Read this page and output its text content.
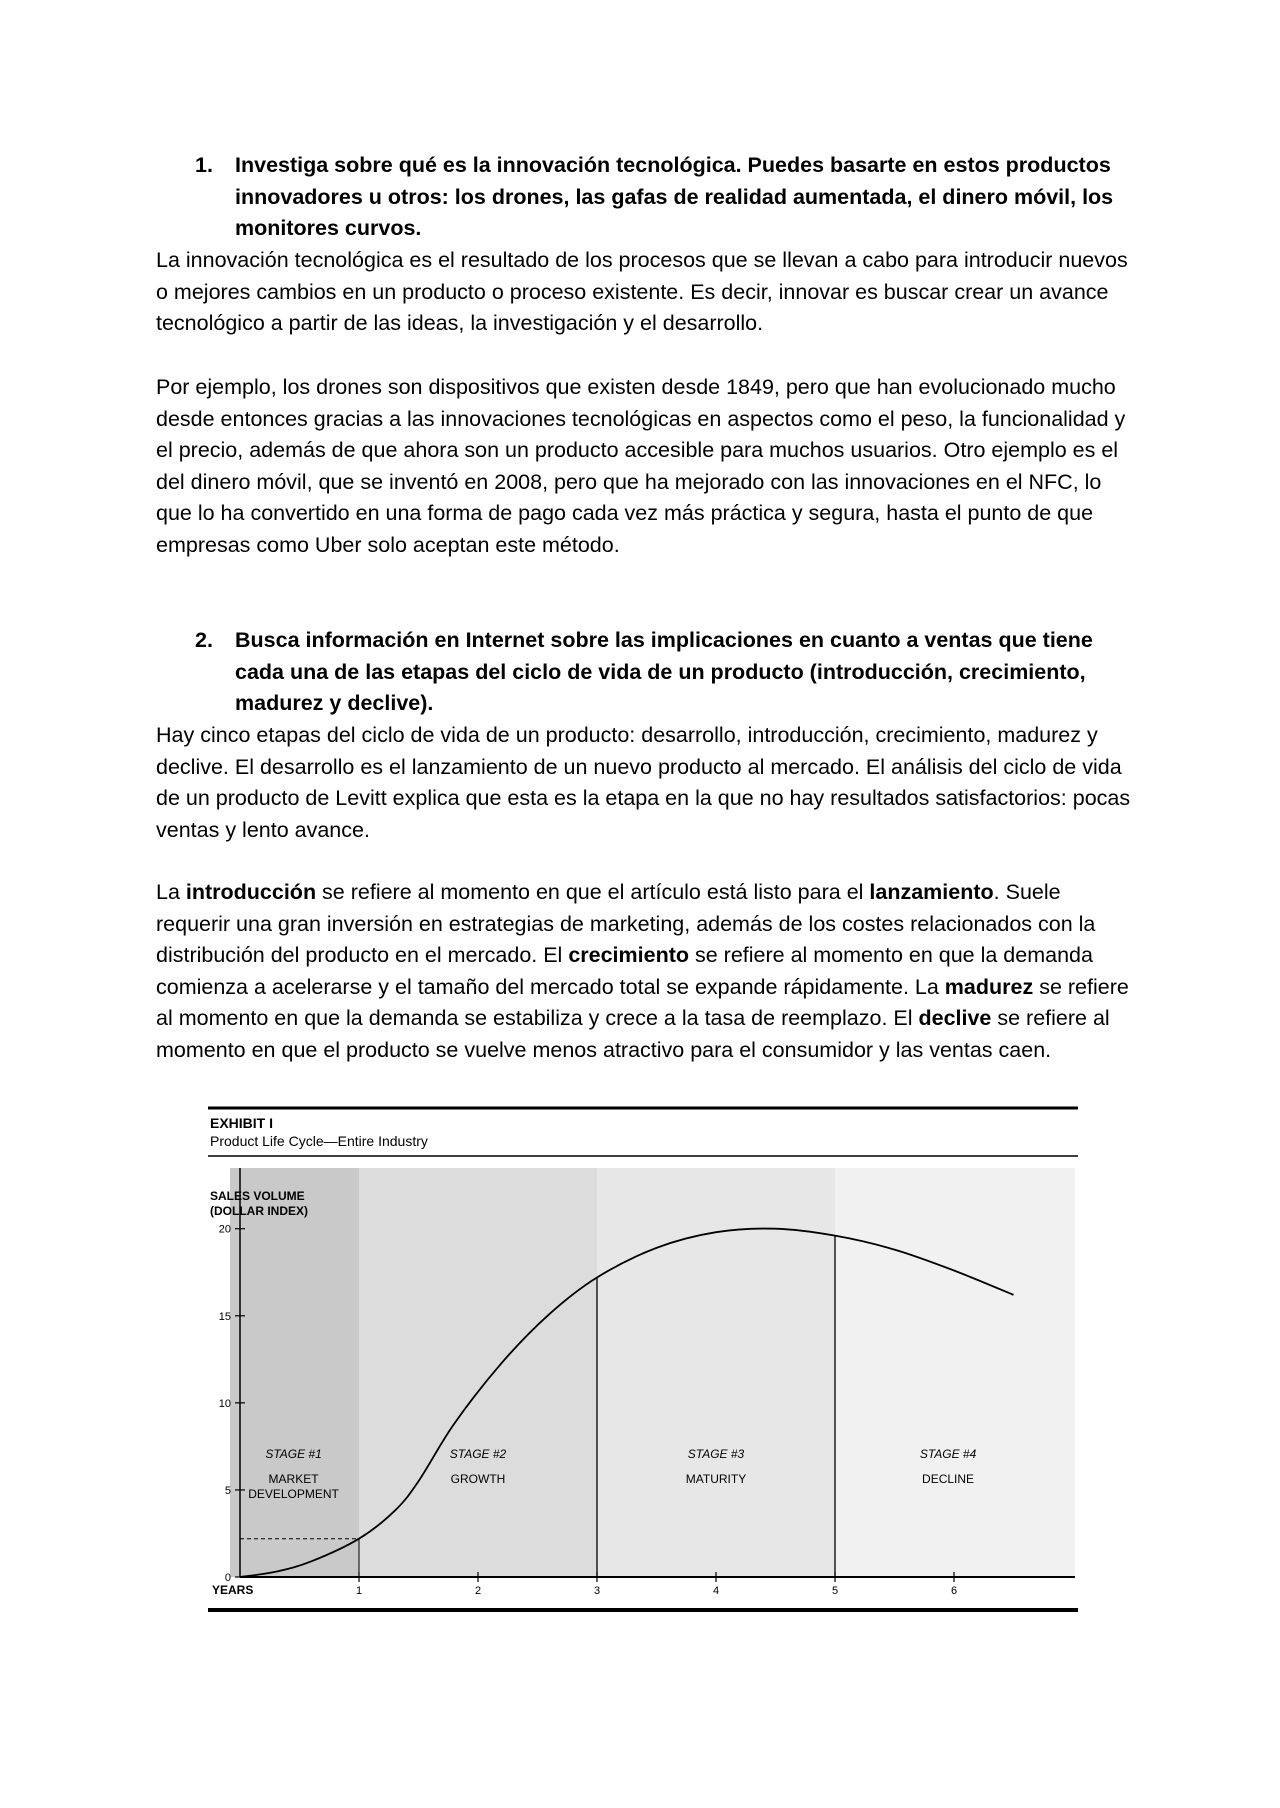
1. Investiga sobre qué es la innovación tecnológica. Puedes basarte en estos productos innovadores u otros: los drones, las gafas de realidad aumentada, el dinero móvil, los monitores curvos.

La innovación tecnológica es el resultado de los procesos que se llevan a cabo para introducir nuevos o mejores cambios en un producto o proceso existente. Es decir, innovar es buscar crear un avance tecnológico a partir de las ideas, la investigación y el desarrollo.

Por ejemplo, los drones son dispositivos que existen desde 1849, pero que han evolucionado mucho desde entonces gracias a las innovaciones tecnológicas en aspectos como el peso, la funcionalidad y el precio, además de que ahora son un producto accesible para muchos usuarios. Otro ejemplo es el del dinero móvil, que se inventó en 2008, pero que ha mejorado con las innovaciones en el NFC, lo que lo ha convertido en una forma de pago cada vez más práctica y segura, hasta el punto de que empresas como Uber solo aceptan este método.

2. Busca información en Internet sobre las implicaciones en cuanto a ventas que tiene cada una de las etapas del ciclo de vida de un producto (introducción, crecimiento, madurez y declive).

Hay cinco etapas del ciclo de vida de un producto: desarrollo, introducción, crecimiento, madurez y declive. El desarrollo es el lanzamiento de un nuevo producto al mercado. El análisis del ciclo de vida de un producto de Levitt explica que esta es la etapa en la que no hay resultados satisfactorios: pocas ventas y lento avance.

La introducción se refiere al momento en que el artículo está listo para el lanzamiento. Suele requerir una gran inversión en estrategias de marketing, además de los costes relacionados con la distribución del producto en el mercado. El crecimiento se refiere al momento en que la demanda comienza a acelerarse y el tamaño del mercado total se expande rápidamente. La madurez se refiere al momento en que la demanda se estabiliza y crece a la tasa de reemplazo. El declive se refiere al momento en que el producto se vuelve menos atractivo para el consumidor y las ventas caen.

EXHIBIT I
Product Life Cycle—Entire Industry
SALES VOLUME
(DOLLAR INDEX)
STAGE #1
MARKET
DEVELOPMENT
STAGE #2
GROWTH
STAGE #3
MATURITY
STAGE #4
DECLINE
0
5
10
15
20
1	2	3	4	5	6
YEARS
